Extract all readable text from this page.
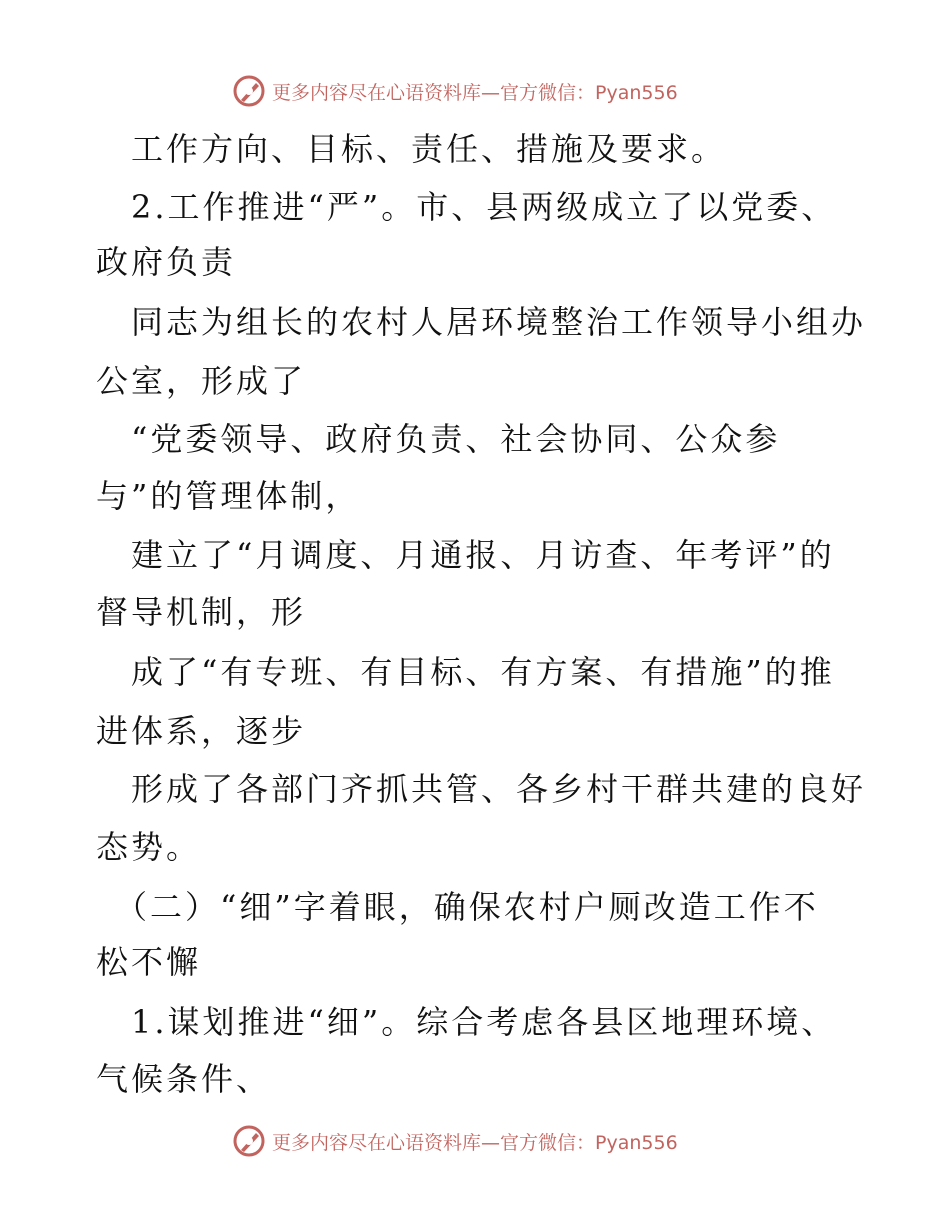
更多内容尽在心语资料库—官方微信：Pyan556
　工作方向、目标、责任、措施及要求。
　2.工作推进“严”。市、县两级成立了以党委、
政府负责
　同志为组长的农村人居环境整治工作领导小组办
公室，形成了
　“党委领导、政府负责、社会协同、公众参
与”的管理体制，
　建立了“月调度、月通报、月访查、年考评”的
督导机制，形
　成了“有专班、有目标、有方案、有措施”的推
进体系，逐步
　形成了各部门齐抓共管、各乡村干群共建的良好
态势。
　（二）“细”字着眼，确保农村户厕改造工作不
松不懈
　1.谋划推进“细”。综合考虑各县区地理环境、
气候条件、
更多内容尽在心语资料库—官方微信：Pyan556
